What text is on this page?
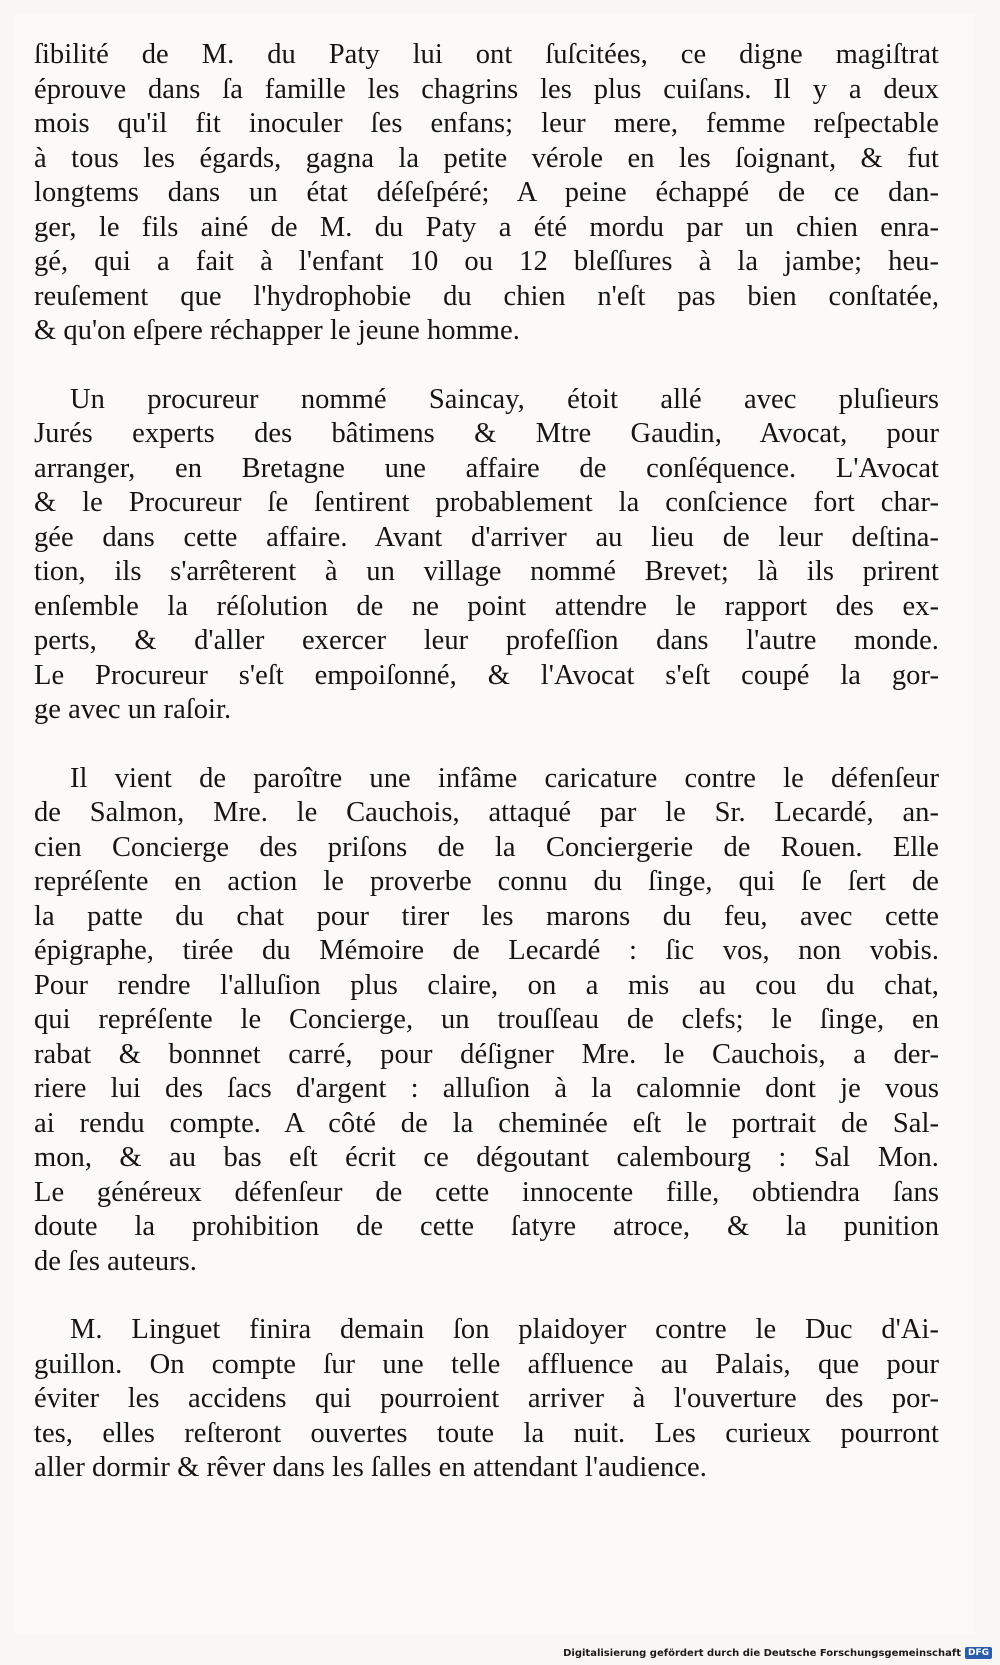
ſibilité de M. du Paty lui ont ſuſcitées, ce digne magiſtrat
éprouve dans ſa famille les chagrins les plus cuiſans. Il y a deux
mois qu'il fit inoculer ſes enfans; leur mere, femme reſpectable
à tous les égards, gagna la petite vérole en les ſoignant, & fut
longtems dans un état déſeſpéré; A peine échappé de ce dan-
ger, le fils ainé de M. du Paty a été mordu par un chien enra-
gé, qui a fait à l'enfant 10 ou 12 bleſſures à la jambe; heu-
reuſement que l'hydrophobie du chien n'eſt pas bien conſtatée,
& qu'on eſpere réchapper le jeune homme.

Un procureur nommé Saincay, étoit allé avec pluſieurs
Jurés experts des bâtimens & Mtre Gaudin, Avocat, pour
arranger, en Bretagne une affaire de conſéquence. L'Avocat
& le Procureur ſe ſentirent probablement la conſcience fort char-
gée dans cette affaire. Avant d'arriver au lieu de leur deſtina-
tion, ils s'arrêterent à un village nommé Brevet; là ils prirent
enſemble la réſolution de ne point attendre le rapport des ex-
perts, & d'aller exercer leur profeſſion dans l'autre monde.
Le Procureur s'eſt empoiſonné, & l'Avocat s'eſt coupé la gor-
ge avec un raſoir.

Il vient de paroître une infâme caricature contre le défenſeur
de Salmon, Mre. le Cauchois, attaqué par le Sr. Lecardé, an-
cien Concierge des priſons de la Conciergerie de Rouen. Elle
repréſente en action le proverbe connu du ſinge, qui ſe ſert de
la patte du chat pour tirer les marons du feu, avec cette
épigraphe, tirée du Mémoire de Lecardé : ſic vos, non vobis.
Pour rendre l'alluſion plus claire, on a mis au cou du chat,
qui repréſente le Concierge, un trouſſeau de clefs; le ſinge, en
rabat & bonnnet carré, pour déſigner Mre. le Cauchois, a der-
riere lui des ſacs d'argent : alluſion à la calomnie dont je vous
ai rendu compte. A côté de la cheminée eſt le portrait de Sal-
mon, & au bas eſt écrit ce dégoutant calembourg : Sal Mon.
Le généreux défenſeur de cette innocente fille, obtiendra ſans
doute la prohibition de cette ſatyre atroce, & la punition
de ſes auteurs.

M. Linguet finira demain ſon plaidoyer contre le Duc d'Ai-
guillon. On compte ſur une telle affluence au Palais, que pour
éviter les accidens qui pourroient arriver à l'ouverture des por-
tes, elles reſteront ouvertes toute la nuit. Les curieux pourront
aller dormir & rêver dans les ſalles en attendant l'audience.

Digitalisierung gefördert durch die Deutsche Forschungsgemeinschaft DFG
